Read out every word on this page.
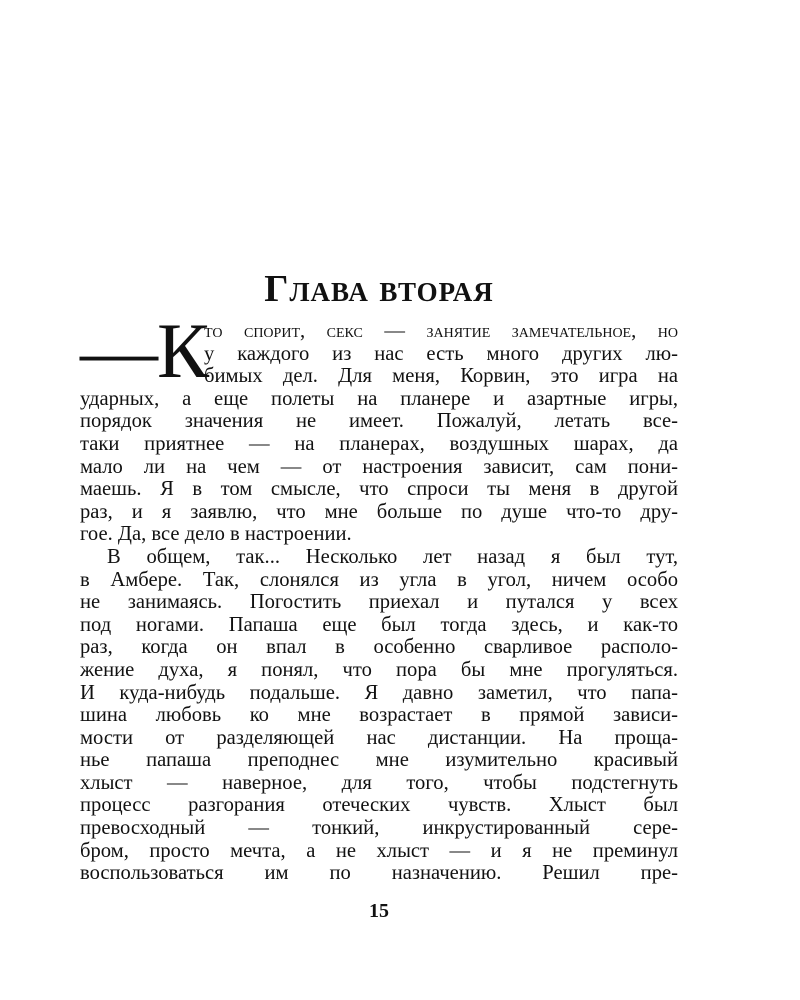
Глава вторая
—К
то спорит, секс — занятие замечательное, но
у каждого из нас есть много других лю-
бимых дел. Для меня, Корвин, это игра на

ударных, а еще полеты на планере и азартные игры,
порядок значения не имеет. Пожалуй, летать все-
таки приятнее — на планерах, воздушных шарах, да
мало ли на чем — от настроения зависит, сам пони-
маешь. Я в том смысле, что спроси ты меня в другой
раз, и я заявлю, что мне больше по душе что-то дру-
гое. Да, все дело в настроении.

В общем, так... Несколько лет назад я был тут,
в Амбере. Так, слонялся из угла в угол, ничем особо
не занимаясь. Погостить приехал и путался у всех
под ногами. Папаша еще был тогда здесь, и как-то
раз, когда он впал в особенно сварливое располо-
жение духа, я понял, что пора бы мне прогуляться.
И куда-нибудь подальше. Я давно заметил, что папа-
шина любовь ко мне возрастает в прямой зависи-
мости от разделяющей нас дистанции. На проща-
нье папаша преподнес мне изумительно красивый
хлыст — наверное, для того, чтобы подстегнуть
процесс разгорания отеческих чувств. Хлыст был
превосходный — тонкий, инкрустированный сере-
бром, просто мечта, а не хлыст — и я не преминул
воспользоваться им по назначению. Решил пре-

15
